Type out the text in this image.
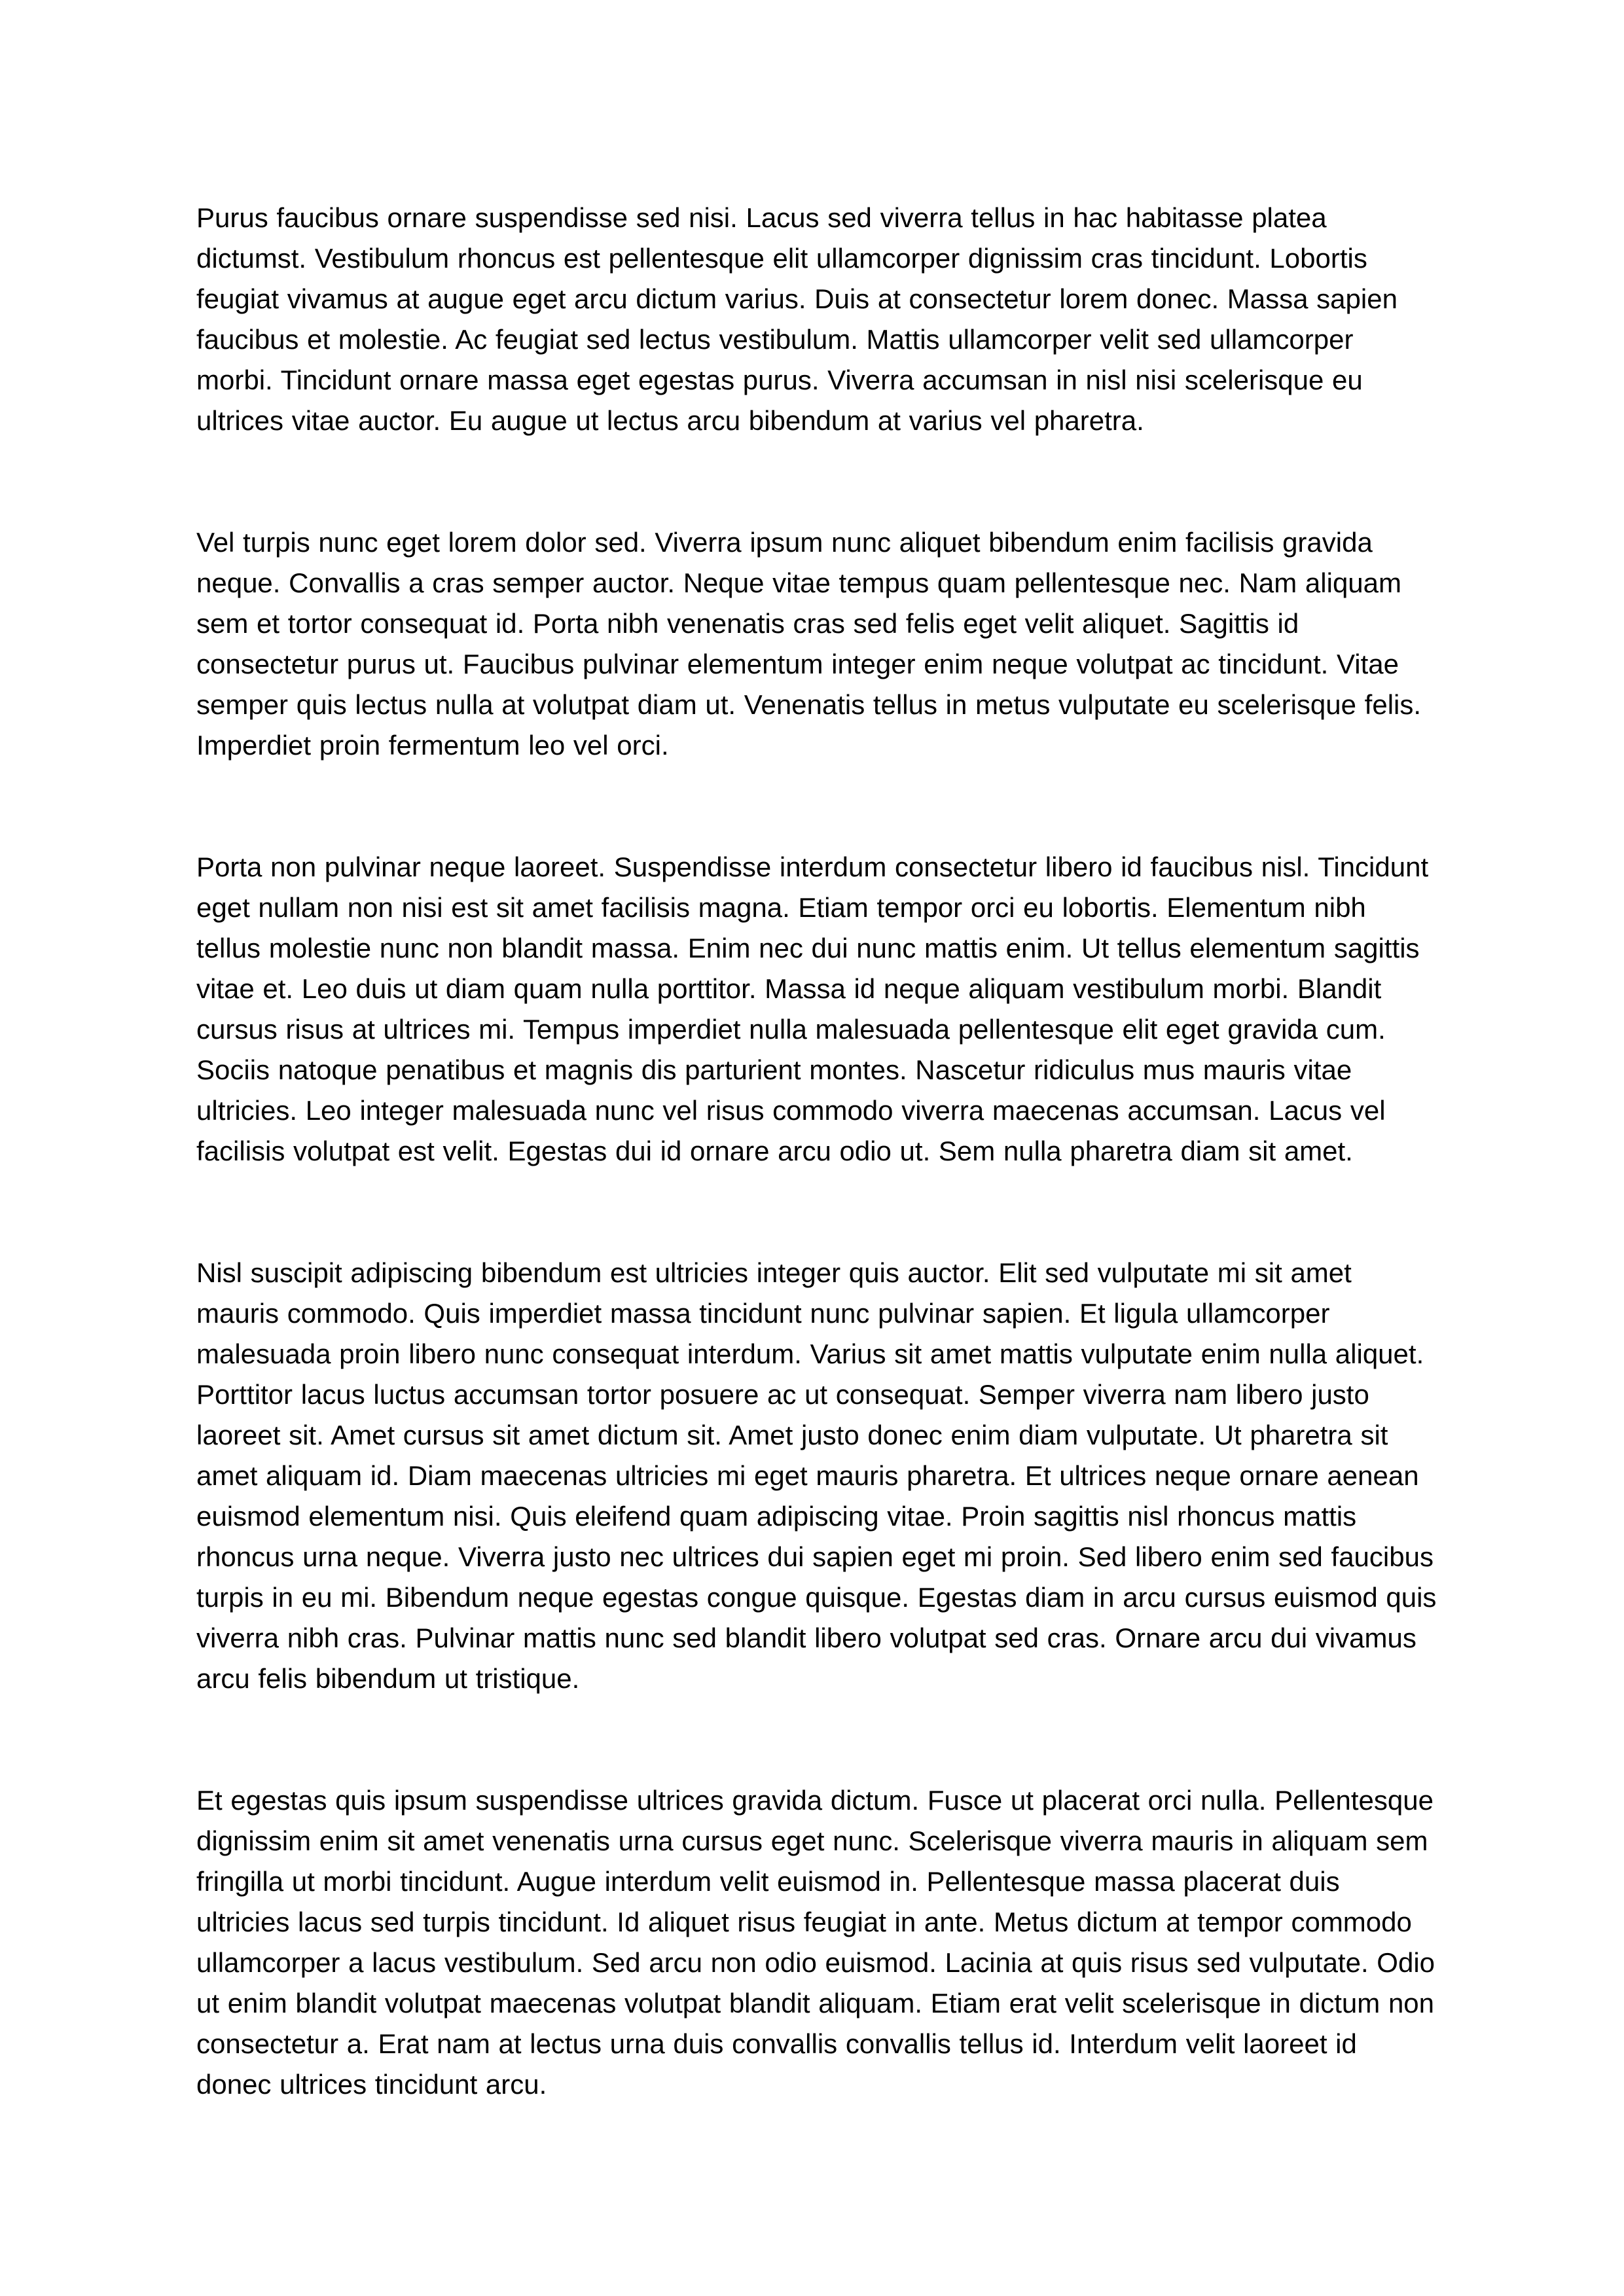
Purus faucibus ornare suspendisse sed nisi. Lacus sed viverra tellus in hac habitasse platea dictumst. Vestibulum rhoncus est pellentesque elit ullamcorper dignissim cras tincidunt. Lobortis feugiat vivamus at augue eget arcu dictum varius. Duis at consectetur lorem donec. Massa sapien faucibus et molestie. Ac feugiat sed lectus vestibulum. Mattis ullamcorper velit sed ullamcorper morbi. Tincidunt ornare massa eget egestas purus. Viverra accumsan in nisl nisi scelerisque eu ultrices vitae auctor. Eu augue ut lectus arcu bibendum at varius vel pharetra.

Vel turpis nunc eget lorem dolor sed. Viverra ipsum nunc aliquet bibendum enim facilisis gravida neque. Convallis a cras semper auctor. Neque vitae tempus quam pellentesque nec. Nam aliquam sem et tortor consequat id. Porta nibh venenatis cras sed felis eget velit aliquet. Sagittis id consectetur purus ut. Faucibus pulvinar elementum integer enim neque volutpat ac tincidunt. Vitae semper quis lectus nulla at volutpat diam ut. Venenatis tellus in metus vulputate eu scelerisque felis. Imperdiet proin fermentum leo vel orci.

Porta non pulvinar neque laoreet. Suspendisse interdum consectetur libero id faucibus nisl. Tincidunt eget nullam non nisi est sit amet facilisis magna. Etiam tempor orci eu lobortis. Elementum nibh tellus molestie nunc non blandit massa. Enim nec dui nunc mattis enim. Ut tellus elementum sagittis vitae et. Leo duis ut diam quam nulla porttitor. Massa id neque aliquam vestibulum morbi. Blandit cursus risus at ultrices mi. Tempus imperdiet nulla malesuada pellentesque elit eget gravida cum. Sociis natoque penatibus et magnis dis parturient montes. Nascetur ridiculus mus mauris vitae ultricies. Leo integer malesuada nunc vel risus commodo viverra maecenas accumsan. Lacus vel facilisis volutpat est velit. Egestas dui id ornare arcu odio ut. Sem nulla pharetra diam sit amet.

Nisl suscipit adipiscing bibendum est ultricies integer quis auctor. Elit sed vulputate mi sit amet mauris commodo. Quis imperdiet massa tincidunt nunc pulvinar sapien. Et ligula ullamcorper malesuada proin libero nunc consequat interdum. Varius sit amet mattis vulputate enim nulla aliquet. Porttitor lacus luctus accumsan tortor posuere ac ut consequat. Semper viverra nam libero justo laoreet sit. Amet cursus sit amet dictum sit. Amet justo donec enim diam vulputate. Ut pharetra sit amet aliquam id. Diam maecenas ultricies mi eget mauris pharetra. Et ultrices neque ornare aenean euismod elementum nisi. Quis eleifend quam adipiscing vitae. Proin sagittis nisl rhoncus mattis rhoncus urna neque. Viverra justo nec ultrices dui sapien eget mi proin. Sed libero enim sed faucibus turpis in eu mi. Bibendum neque egestas congue quisque. Egestas diam in arcu cursus euismod quis viverra nibh cras. Pulvinar mattis nunc sed blandit libero volutpat sed cras. Ornare arcu dui vivamus arcu felis bibendum ut tristique.

Et egestas quis ipsum suspendisse ultrices gravida dictum. Fusce ut placerat orci nulla. Pellentesque dignissim enim sit amet venenatis urna cursus eget nunc. Scelerisque viverra mauris in aliquam sem fringilla ut morbi tincidunt. Augue interdum velit euismod in. Pellentesque massa placerat duis ultricies lacus sed turpis tincidunt. Id aliquet risus feugiat in ante. Metus dictum at tempor commodo ullamcorper a lacus vestibulum. Sed arcu non odio euismod. Lacinia at quis risus sed vulputate. Odio ut enim blandit volutpat maecenas volutpat blandit aliquam. Etiam erat velit scelerisque in dictum non consectetur a. Erat nam at lectus urna duis convallis convallis tellus id. Interdum velit laoreet id donec ultrices tincidunt arcu.
